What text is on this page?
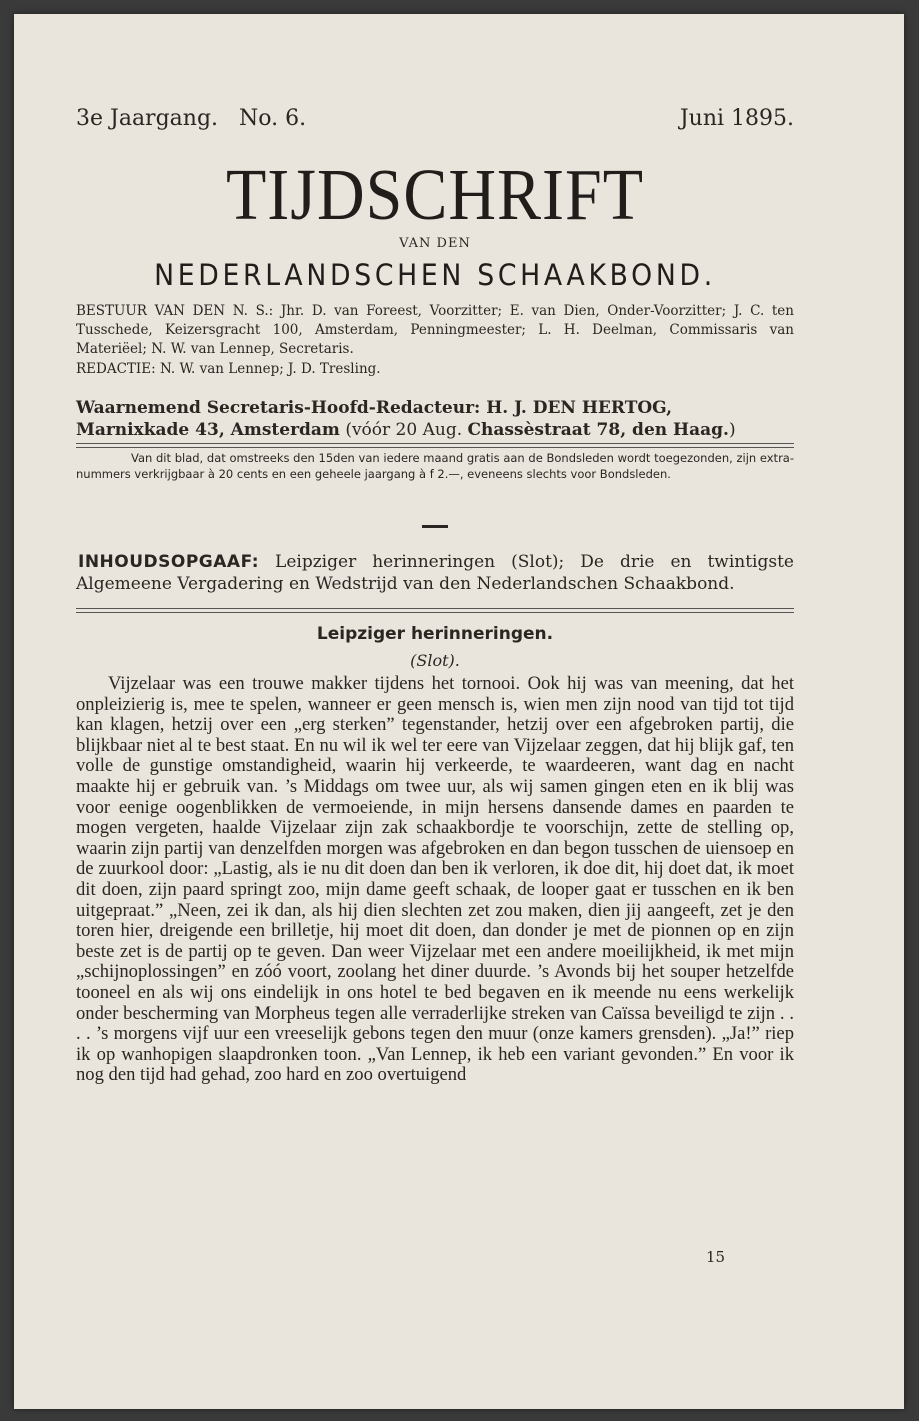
3e Jaargang. No. 6.	Juni 1895.
TIJDSCHRIFT
VAN DEN
NEDERLANDSCHEN SCHAAKBOND.

BESTUUR VAN DEN N. S.: Jhr. D. van Foreest, Voorzitter; E. van Dien, Onder-Voorzitter; J. C. ten Tusschede, Keizersgracht 100, Amsterdam, Penningmeester; L. H. Deelman, Commissaris van Materiëel; N. W. van Lennep, Secretaris.

REDACTIE: N. W. van Lennep; J. D. Tresling.

Waarnemend Secretaris-Hoofd-Redacteur: H. J. DEN HERTOG,

Marnixkade 43, Amsterdam (vóór 20 Aug. Chassèstraat 78, den Haag.)

Van dit blad, dat omstreeks den 15den van iedere maand gratis aan de Bondsleden wordt toegezonden, zijn extra-nummers verkrijgbaar à 20 cents en een geheele jaargang à f 2.—, eveneens slechts voor Bondsleden.

INHOUDSOPGAAF: Leipziger herinneringen (Slot); De drie en twintigste Algemeene Vergadering en Wedstrijd van den Nederlandschen Schaakbond.

Leipziger herinneringen.
(Slot).

Vijzelaar was een trouwe makker tijdens het tornooi. Ook hij was van meening, dat het onpleizierig is, mee te spelen, wanneer er geen mensch is, wien men zijn nood van tijd tot tijd kan klagen, hetzij over een „erg sterken” tegenstander, hetzij over een afgebroken partij, die blijkbaar niet al te best staat. En nu wil ik wel ter eere van Vijzelaar zeggen, dat hij blijk gaf, ten volle de gunstige omstandigheid, waarin hij verkeerde, te waardeeren, want dag en nacht maakte hij er gebruik van. ’s Middags om twee uur, als wij samen gingen eten en ik blij was voor eenige oogenblikken de vermoeiende, in mijn hersens dansende dames en paarden te mogen vergeten, haalde Vijzelaar zijn zak schaakbordje te voorschijn, zette de stelling op, waarin zijn partij van denzelfden morgen was afgebroken en dan begon tusschen de uiensoep en de zuurkool door: „Lastig, als ie nu dit doen dan ben ik verloren, ik doe dit, hij doet dat, ik moet dit doen, zijn paard springt zoo, mijn dame geeft schaak, de looper gaat er tusschen en ik ben uitgepraat.” „Neen, zei ik dan, als hij dien slechten zet zou maken, dien jij aangeeft, zet je den toren hier, dreigende een brilletje, hij moet dit doen, dan donder je met de pionnen op en zijn beste zet is de partij op te geven. Dan weer Vijzelaar met een andere moeilijkheid, ik met mijn „schijnoplossingen” en zóó voort, zoolang het diner duurde. ’s Avonds bij het souper hetzelfde tooneel en als wij ons eindelijk in ons hotel te bed begaven en ik meende nu eens werkelijk onder bescherming van Morpheus tegen alle verraderlijke streken van Caïssa beveiligd te zijn . . . . ’s morgens vijf uur een vreeselijk gebons tegen den muur (onze kamers grensden). „Ja!” riep ik op wanhopigen slaapdronken toon. „Van Lennep, ik heb een variant gevonden.” En voor ik nog den tijd had gehad, zoo hard en zoo overtuigend

15
